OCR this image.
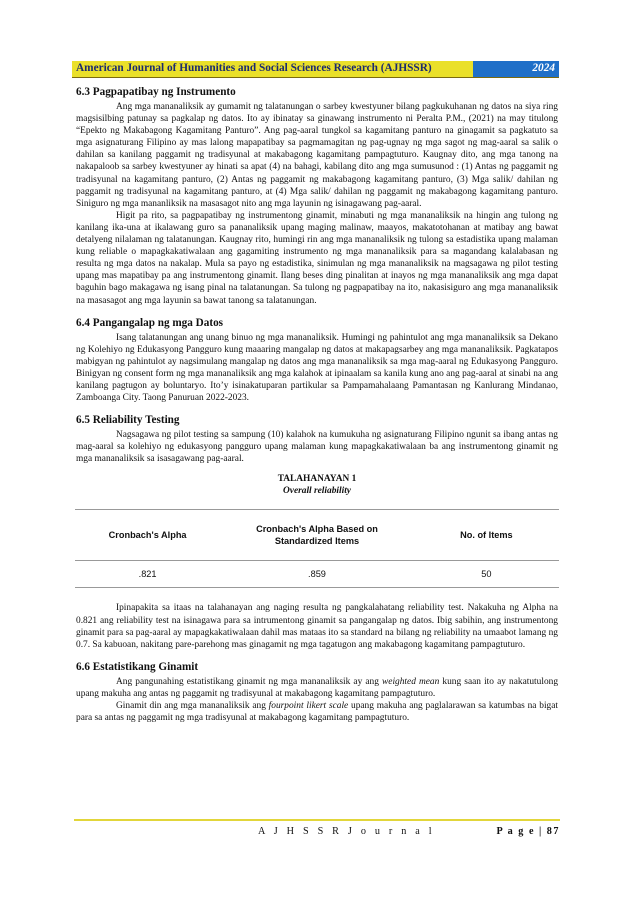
American Journal of Humanities and Social Sciences Research (AJHSSR)	2024
6.3 Pagpapatibay ng Instrumento

Ang mga mananaliksik ay gumamit ng talatanungan o sarbey kwestyuner bilang pagkukuhanan ng datos na siya ring magsisilbing patunay sa pagkalap ng datos. Ito ay ibinatay sa ginawang instrumento ni Peralta P.M., (2021) na may titulong “Epekto ng Makabagong Kagamitang Panturo”. Ang pag-aaral tungkol sa kagamitang panturo na ginagamit sa pagkatuto sa mga asignaturang Filipino ay mas lalong mapapatibay sa pagmamagitan ng pag-ugnay ng mga sagot ng mag-aaral sa salik o dahilan sa kanilang paggamit ng tradisyunal at makabagong kagamitang pampagtuturo. Kaugnay dito, ang mga tanong na nakapaloob sa sarbey kwestyuner ay hinati sa apat (4) na bahagi, kabilang dito ang mga sumusunod : (1) Antas ng paggamit ng tradisyunal na kagamitang panturo, (2) Antas ng paggamit ng makabagong kagamitang panturo, (3) Mga salik/ dahilan ng paggamit ng tradisyunal na kagamitang panturo, at (4) Mga salik/ dahilan ng paggamit ng makabagong kagamitang panturo. Siniguro ng mga mananliksik na masasagot nito ang mga layunin ng isinagawang pag-aaral.

Higit pa rito, sa pagpapatibay ng instrumentong ginamit, minabuti ng mga mananaliksik na hingin ang tulong ng kanilang ika-una at ikalawang guro sa pananaliksik upang maging malinaw, maayos, makatotohanan at matibay ang bawat detalyeng nilalaman ng talatanungan. Kaugnay rito, humingi rin ang mga mananaliksik ng tulong sa estadistika upang malaman kung reliable o mapagkakatiwalaan ang gagamiting instrumento ng mga mananaliksik para sa magandang kalalabasan ng resulta ng mga datos na nakalap. Mula sa payo ng estadistika, sinimulan ng mga mananaliksik na magsagawa ng pilot testing upang mas mapatibay pa ang instrumentong ginamit. Ilang beses ding pinalitan at inayos ng mga mananaliksik ang mga dapat baguhin bago makagawa ng isang pinal na talatanungan. Sa tulong ng pagpapatibay na ito, nakasisiguro ang mga mananaliksik na masasagot ang mga layunin sa bawat tanong sa talatanungan.

6.4 Pangangalap ng mga Datos

Isang talatanungan ang unang binuo ng mga mananaliksik. Humingi ng pahintulot ang mga mananaliksik sa Dekano ng Kolehiyo ng Edukasyong Pangguro kung maaaring mangalap ng datos at makapagsarbey ang mga mananaliksik. Pagkatapos mabigyan ng pahintulot ay nagsimulang mangalap ng datos ang mga mananaliksik sa mga mag-aaral ng Edukasyong Pangguro. Binigyan ng consent form ng mga mananaliksik ang mga kalahok at ipinaalam sa kanila kung ano ang pag-aaral at sinabi na ang kanilang pagtugon ay boluntaryo. Ito’y isinakatuparan partikular sa Pampamahalaang Pamantasan ng Kanlurang Mindanao, Zamboanga City. Taong Panuruan 2022-2023.

6.5 Reliability Testing

Nagsagawa ng pilot testing sa sampung (10) kalahok na kumukuha ng asignaturang Filipino ngunit sa ibang antas ng mag-aaral sa kolehiyo ng edukasyong pangguro upang malaman kung mapagkakatiwalaan ba ang instrumentong ginamit ng mga mananaliksik sa isasagawang pag-aaral.

TALAHANAYAN 1
Overall reliability
Cronbach's Alpha	Cronbach's Alpha Based on Standardized Items	No. of Items
.821	.859	50

Ipinapakita sa itaas na talahanayan ang naging resulta ng pangkalahatang reliability test. Nakakuha ng Alpha na 0.821 ang reliability test na isinagawa para sa intrumentong ginamit sa pangangalap ng datos. Ibig sabihin, ang instrumentong ginamit para sa pag-aaral ay mapagkakatiwalaan dahil mas mataas ito sa standard na bilang ng reliability na umaabot lamang ng 0.7. Sa kabuoan, nakitang pare-parehong mas ginagamit ng mga tagatugon ang makabagong kagamitang pampagtuturo.

6.6 Estatistikang Ginamit

Ang pangunahing estatistikang ginamit ng mga mananaliksik ay ang weighted mean kung saan ito ay nakatutulong upang makuha ang antas ng paggamit ng tradisyunal at makabagong kagamitang pampagtuturo.

Ginamit din ang mga mananaliksik ang fourpoint likert scale upang makuha ang paglalarawan sa katumbas na bigat para sa antas ng paggamit ng mga tradisyunal at makabagong kagamitang pampagtuturo.

A J H S S R J o u r n a l	P a g e | 87
